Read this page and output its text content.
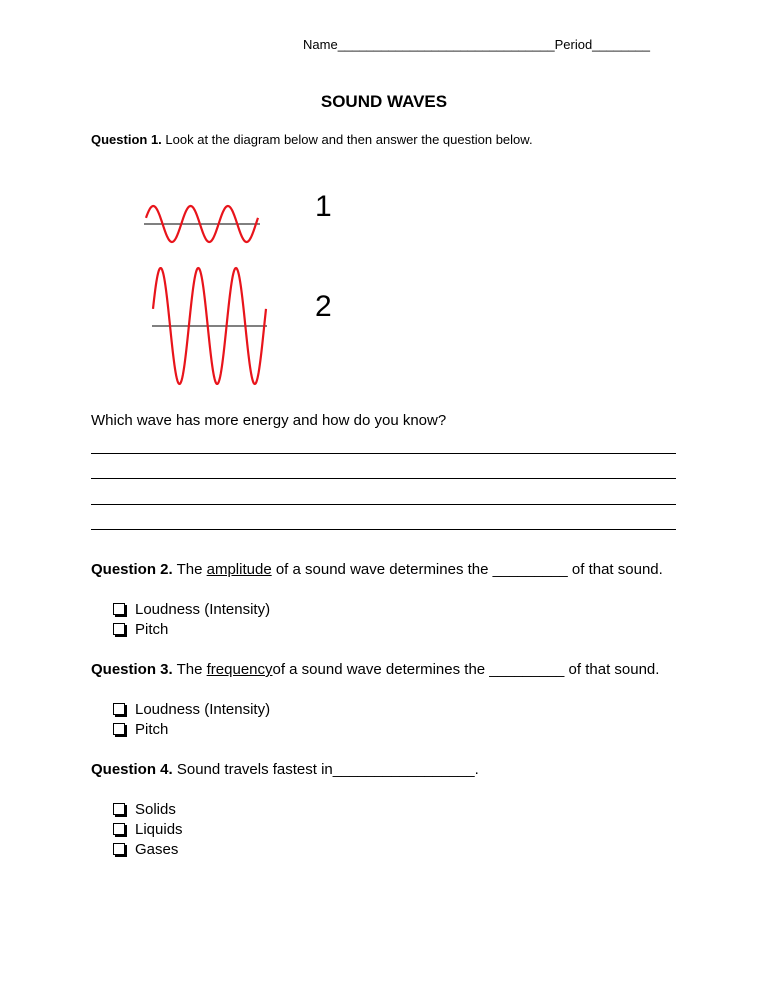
Name______________________________Period________
SOUND WAVES
Question 1. Look at the diagram below and then answer the question below.
1
2
Which wave has more energy and how do you know?
Question 2. The amplitude of a sound wave determines the _________ of that sound.
Loudness (Intensity)
Pitch
Question 3. The frequencyof a sound wave determines the _________ of that sound.
Loudness (Intensity)
Pitch
Question 4. Sound travels fastest in_________________.
Solids
Liquids
Gases
